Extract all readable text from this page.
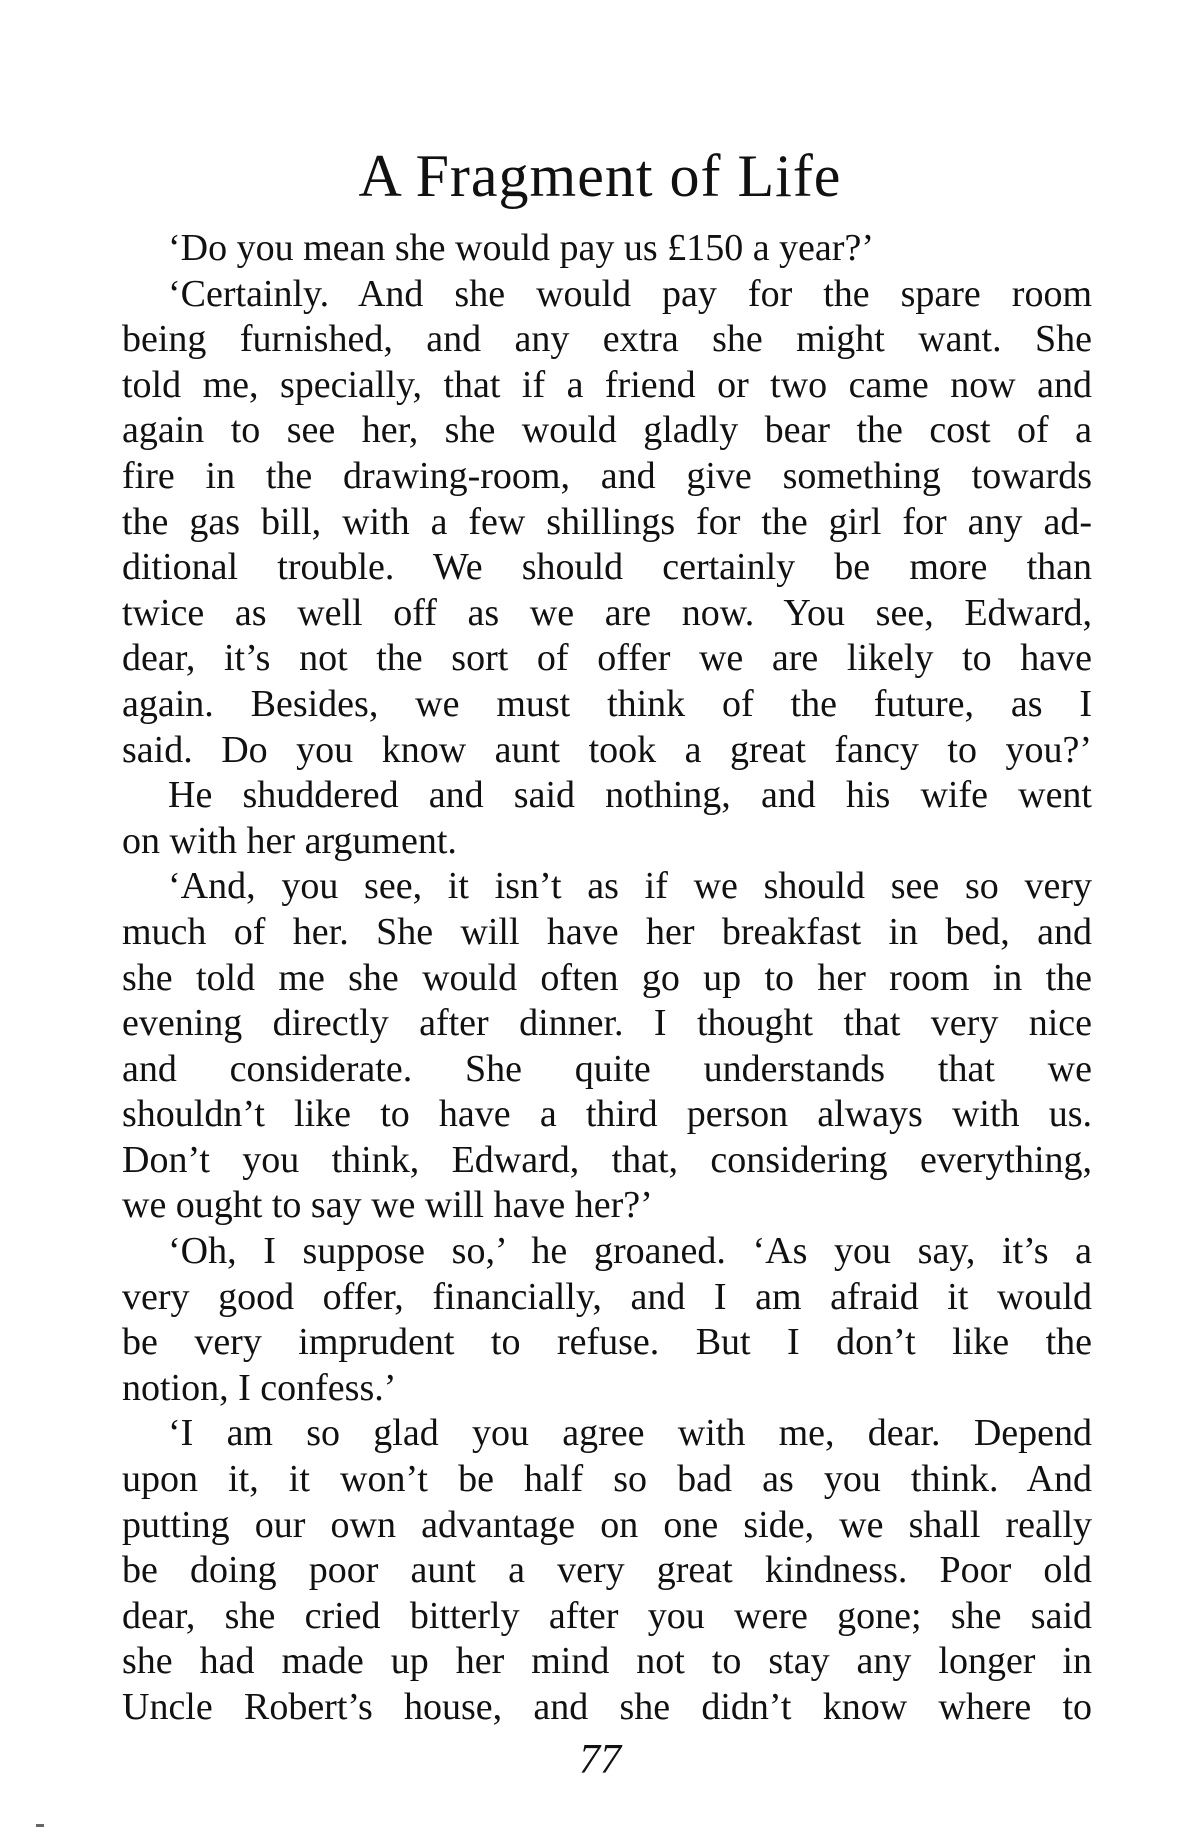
A Fragment of Life
‘Do you mean she would pay us £150 a year?’
‘Certainly. And she would pay for the spare room
being furnished, and any extra she might want. She
told me, specially, that if a friend or two came now and
again to see her, she would gladly bear the cost of a
fire in the drawing-room, and give something towards
the gas bill, with a few shillings for the girl for any ad-
ditional trouble. We should certainly be more than
twice as well off as we are now. You see, Edward,
dear, it’s not the sort of offer we are likely to have
again. Besides, we must think of the future, as I
said. Do you know aunt took a great fancy to you?’
He shuddered and said nothing, and his wife went
on with her argument.
‘And, you see, it isn’t as if we should see so very
much of her. She will have her breakfast in bed, and
she told me she would often go up to her room in the
evening directly after dinner. I thought that very nice
and considerate. She quite understands that we
shouldn’t like to have a third person always with us.
Don’t you think, Edward, that, considering everything,
we ought to say we will have her?’
‘Oh, I suppose so,’ he groaned. ‘As you say, it’s a
very good offer, financially, and I am afraid it would
be very imprudent to refuse. But I don’t like the
notion, I confess.’
‘I am so glad you agree with me, dear. Depend
upon it, it won’t be half so bad as you think. And
putting our own advantage on one side, we shall really
be doing poor aunt a very great kindness. Poor old
dear, she cried bitterly after you were gone; she said
she had made up her mind not to stay any longer in
Uncle Robert’s house, and she didn’t know where to
77
